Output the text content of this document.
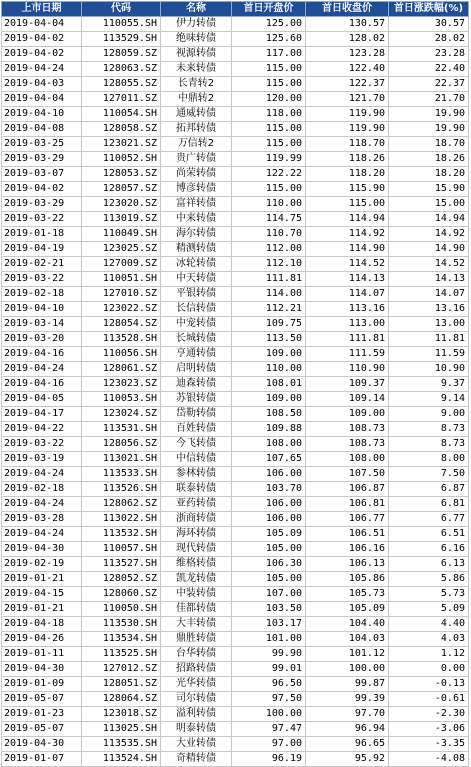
上市日期	代码	名称	首日开盘价	首日收盘价	首日涨跌幅(%)
2019-04-04	110055.SH	伊力转债	125.00	130.57	30.57
2019-04-02	113529.SH	绝味转债	125.60	128.02	28.02
2019-04-02	128059.SZ	视源转债	117.00	123.28	23.28
2019-04-24	128063.SZ	未来转债	115.00	122.40	22.40
2019-04-03	128055.SZ	长青转2	115.00	122.37	22.37
2019-04-04	127011.SZ	中鼎转2	120.00	121.70	21.70
2019-04-10	110054.SH	通威转债	118.00	119.90	19.90
2019-04-08	128058.SZ	拓邦转债	115.00	119.90	19.90
2019-03-25	123021.SZ	万信转2	115.00	118.70	18.70
2019-03-29	110052.SH	贵广转债	119.99	118.26	18.26
2019-03-07	128053.SZ	尚荣转债	122.22	118.20	18.20
2019-04-02	128057.SZ	博彦转债	115.00	115.90	15.90
2019-03-29	123020.SZ	富祥转债	110.00	115.00	15.00
2019-03-22	113019.SZ	中来转债	114.75	114.94	14.94
2019-01-18	110049.SH	海尔转债	110.70	114.92	14.92
2019-04-19	123025.SZ	精测转债	112.00	114.90	14.90
2019-02-21	127009.SZ	冰轮转债	112.10	114.52	14.52
2019-03-22	110051.SH	中天转债	111.81	114.13	14.13
2019-02-18	127010.SZ	平银转债	114.00	114.07	14.07
2019-04-10	123022.SZ	长信转债	112.21	113.16	13.16
2019-03-14	128054.SZ	中宠转债	109.75	113.00	13.00
2019-03-20	113528.SH	长城转债	113.50	111.81	11.81
2019-04-16	110056.SH	亨通转债	109.00	111.59	11.59
2019-04-24	128061.SZ	启明转债	110.00	110.90	10.90
2019-04-16	123023.SZ	迪森转债	108.01	109.37	9.37
2019-04-05	110053.SH	苏银转债	109.00	109.14	9.14
2019-04-17	123024.SZ	岱勒转债	108.50	109.00	9.00
2019-04-22	113531.SH	百姓转债	109.88	108.73	8.73
2019-03-22	128056.SZ	今飞转债	108.00	108.73	8.73
2019-03-19	113021.SH	中信转债	107.65	108.00	8.00
2019-04-24	113533.SH	参林转债	106.00	107.50	7.50
2019-02-18	113526.SH	联泰转债	103.70	106.87	6.87
2019-04-24	128062.SZ	亚药转债	106.00	106.81	6.81
2019-03-28	113022.SH	浙商转债	106.00	106.77	6.77
2019-04-24	113532.SH	海环转债	105.09	106.51	6.51
2019-04-30	110057.SH	现代转债	105.00	106.16	6.16
2019-02-19	113527.SH	维格转债	106.30	106.13	6.13
2019-01-21	128052.SZ	凯龙转债	105.00	105.86	5.86
2019-04-15	128060.SZ	中装转债	107.00	105.73	5.73
2019-01-21	110050.SH	佳都转债	103.50	105.09	5.09
2019-04-18	113530.SH	大丰转债	103.17	104.40	4.40
2019-04-26	113534.SH	鼎胜转债	101.00	104.03	4.03
2019-01-11	113525.SH	台华转债	99.90	101.12	1.12
2019-04-30	127012.SZ	招路转债	99.01	100.00	0.00
2019-01-09	128051.SZ	光华转债	96.50	99.87	-0.13
2019-05-07	128064.SZ	司尔转债	97.50	99.39	-0.61
2019-01-23	123018.SZ	溢利转债	100.00	97.70	-2.30
2019-05-07	113025.SH	明泰转债	97.47	96.94	-3.06
2019-04-30	113535.SH	大业转债	97.00	96.65	-3.35
2019-01-07	113524.SH	奇精转债	96.19	95.92	-4.08
